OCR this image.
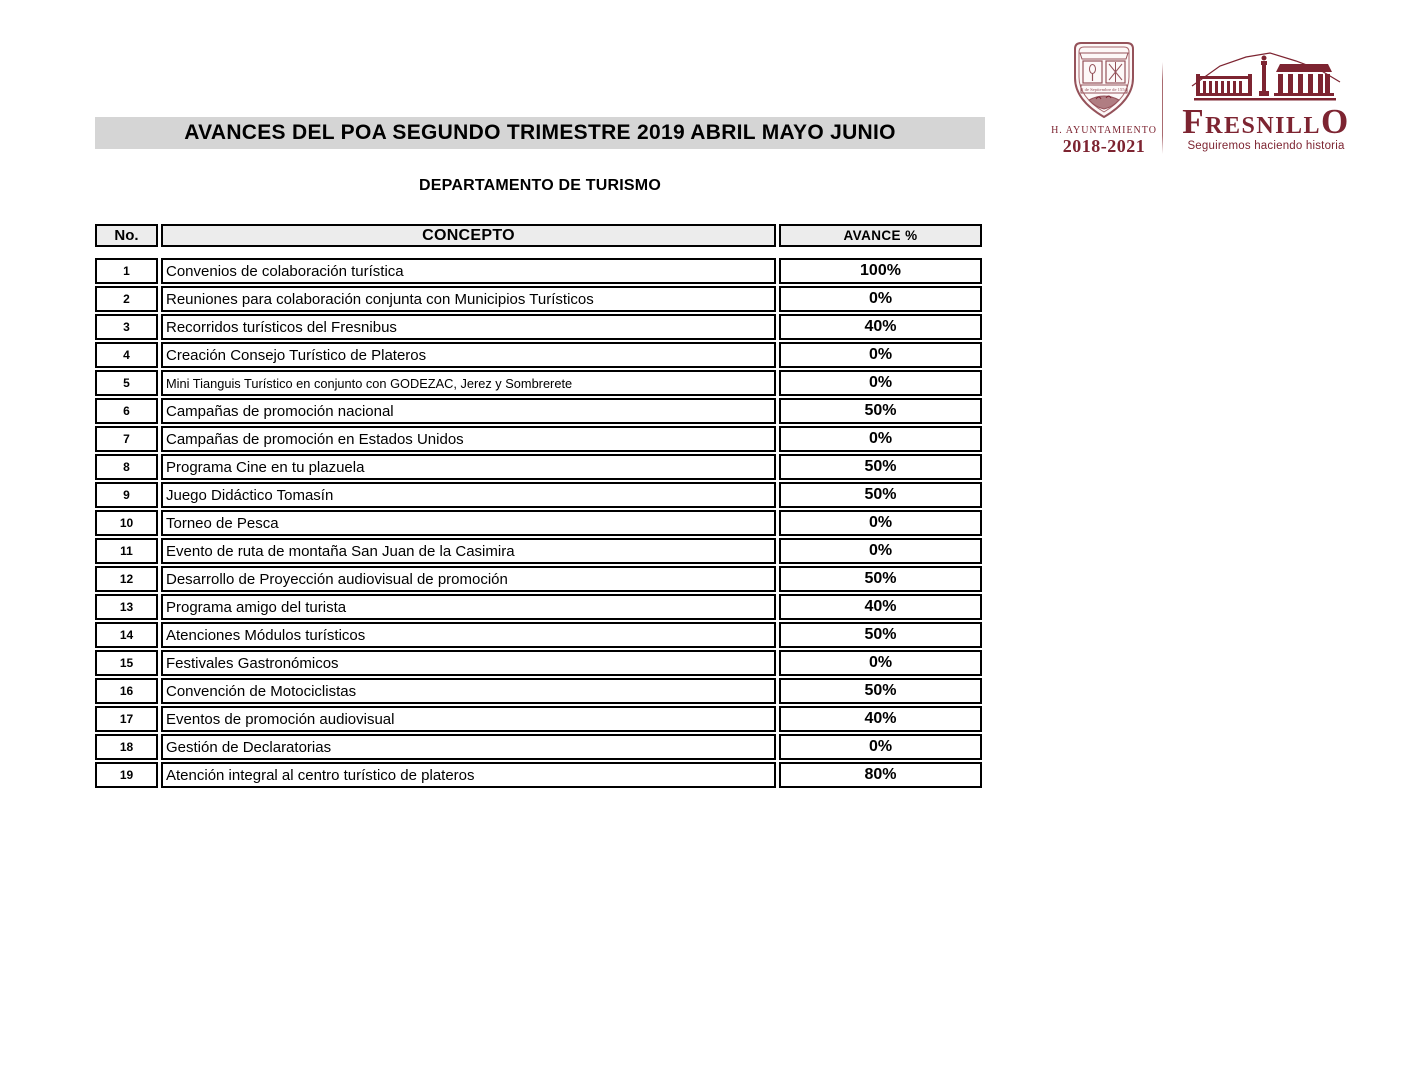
AVANCES DEL POA SEGUNDO TRIMESTRE 2019 ABRIL MAYO JUNIO
DEPARTAMENTO DE TURISMO
2 de Septiembre de 1554
H. AYUNTAMIENTO
2018-2021
FRESNILLO
Seguiremos haciendo historia
No.	CONCEPTO	AVANCE %
1	Convenios de colaboración turística	100%
2	Reuniones para colaboración conjunta con Municipios Turísticos	0%
3	Recorridos turísticos del Fresnibus	40%
4	Creación Consejo Turístico de Plateros	0%
5	Mini Tianguis Turístico en conjunto con GODEZAC, Jerez y Sombrerete	0%
6	Campañas de promoción nacional	50%
7	Campañas de promoción en Estados Unidos	0%
8	Programa Cine en tu plazuela	50%
9	Juego Didáctico Tomasín	50%
10	Torneo de Pesca	0%
11	Evento de ruta de montaña San Juan de la Casimira	0%
12	Desarrollo de Proyección audiovisual de promoción	50%
13	Programa amigo del turista	40%
14	Atenciones Módulos turísticos	50%
15	Festivales Gastronómicos	0%
16	Convención de Motociclistas	50%
17	Eventos de promoción audiovisual	40%
18	Gestión de Declaratorias	0%
19	Atención integral al centro turístico de plateros	80%
